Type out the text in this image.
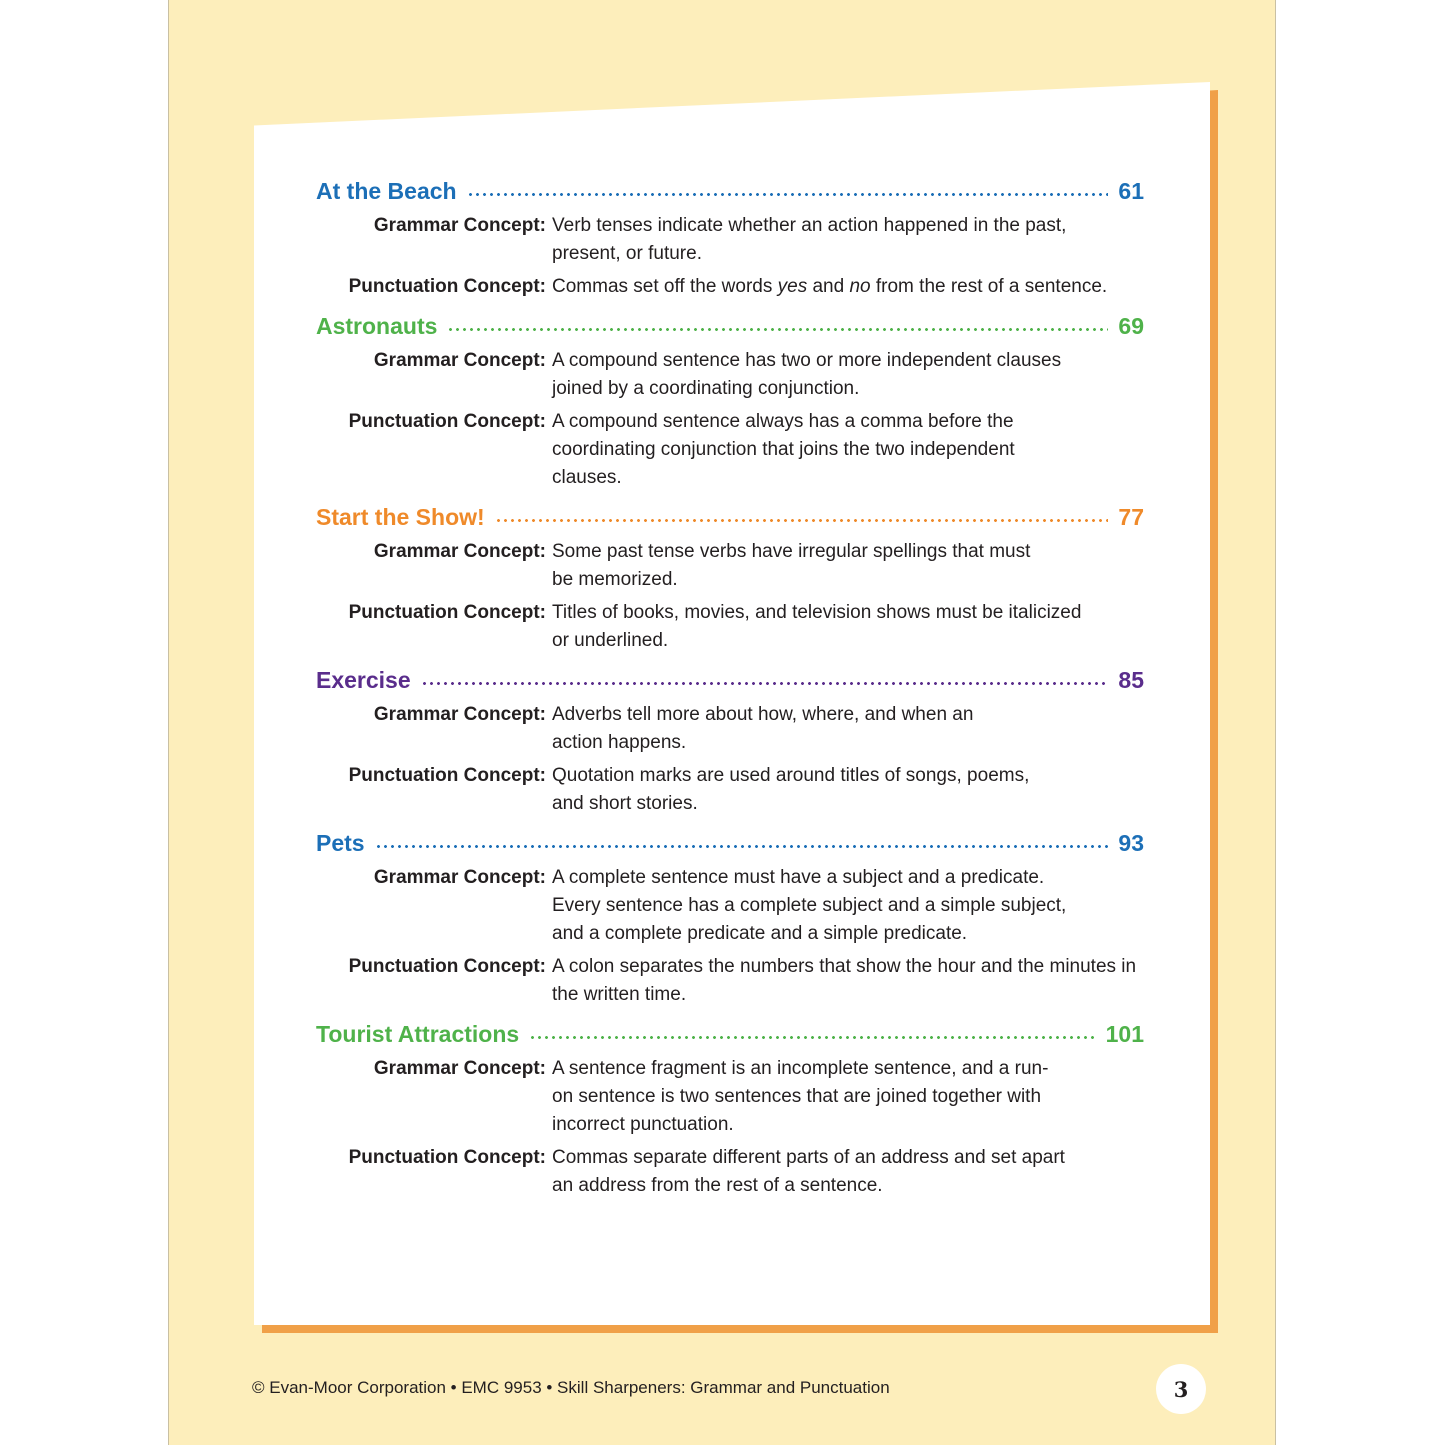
At the Beach	61
Grammar Concept: Verb tenses indicate whether an action happened in the past, present, or future.
Punctuation Concept: Commas set off the words yes and no from the rest of a sentence.
Astronauts	69
Grammar Concept: A compound sentence has two or more independent clauses joined by a coordinating conjunction.
Punctuation Concept: A compound sentence always has a comma before the coordinating conjunction that joins the two independent clauses.
Start the Show!	77
Grammar Concept: Some past tense verbs have irregular spellings that must be memorized.
Punctuation Concept: Titles of books, movies, and television shows must be italicized or underlined.
Exercise	85
Grammar Concept: Adverbs tell more about how, where, and when an action happens.
Punctuation Concept: Quotation marks are used around titles of songs, poems, and short stories.
Pets	93
Grammar Concept: A complete sentence must have a subject and a predicate. Every sentence has a complete subject and a simple subject, and a complete predicate and a simple predicate.
Punctuation Concept: A colon separates the numbers that show the hour and the minutes in the written time.
Tourist Attractions	101
Grammar Concept: A sentence fragment is an incomplete sentence, and a run-on sentence is two sentences that are joined together with incorrect punctuation.
Punctuation Concept: Commas separate different parts of an address and set apart an address from the rest of a sentence.
© Evan-Moor Corporation • EMC 9953 • Skill Sharpeners: Grammar and Punctuation	3
